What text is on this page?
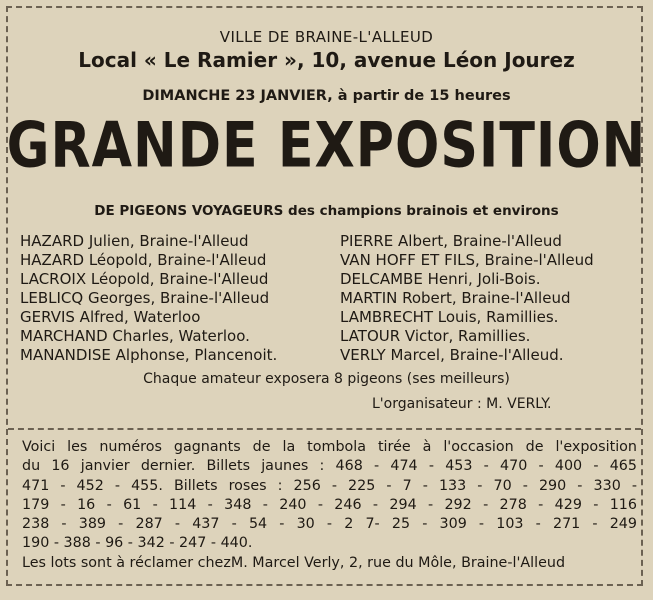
VILLE DE BRAINE-L'ALLEUD
Local « Le Ramier », 10, avenue Léon Jourez
DIMANCHE 23 JANVIER, à partir de 15 heures
GRANDE EXPOSITION
DE PIGEONS VOYAGEURS des champions brainois et environs
HAZARD Julien, Braine-l'Alleud
HAZARD Léopold, Braine-l'Alleud
LACROIX Léopold, Braine-l'Alleud
LEBLICQ Georges, Braine-l'Alleud
GERVIS Alfred, Waterloo
MARCHAND Charles, Waterloo.
MANANDISE Alphonse, Plancenoit.
PIERRE Albert, Braine-l'Alleud
VAN HOFF ET FILS, Braine-l'Alleud
DELCAMBE Henri, Joli-Bois.
MARTIN Robert, Braine-l'Alleud
LAMBRECHT Louis, Ramillies.
LATOUR Victor, Ramillies.
VERLY Marcel, Braine-l'Alleud.
Chaque amateur exposera 8 pigeons (ses meilleurs)
L'organisateur : M. VERLY.
Voici les numéros gagnants de la tombola tirée à l'occasion de l'exposition
du 16 janvier dernier. Billets jaunes : 468 - 474 - 453 - 470 - 400 - 465
471 - 452 - 455. Billets roses : 256 - 225 - 7 - 133 - 70 - 290 - 330 -
179 - 16 - 61 - 114 - 348 - 240 - 246 - 294 - 292 - 278 - 429 - 116
238 - 389 - 287 - 437 - 54 - 30 - 2 7- 25 - 309 - 103 - 271 - 249
190 - 388 - 96 - 342 - 247 - 440.
Les lots sont à réclamer chezM. Marcel Verly, 2, rue du Môle, Braine-l'Alleud
